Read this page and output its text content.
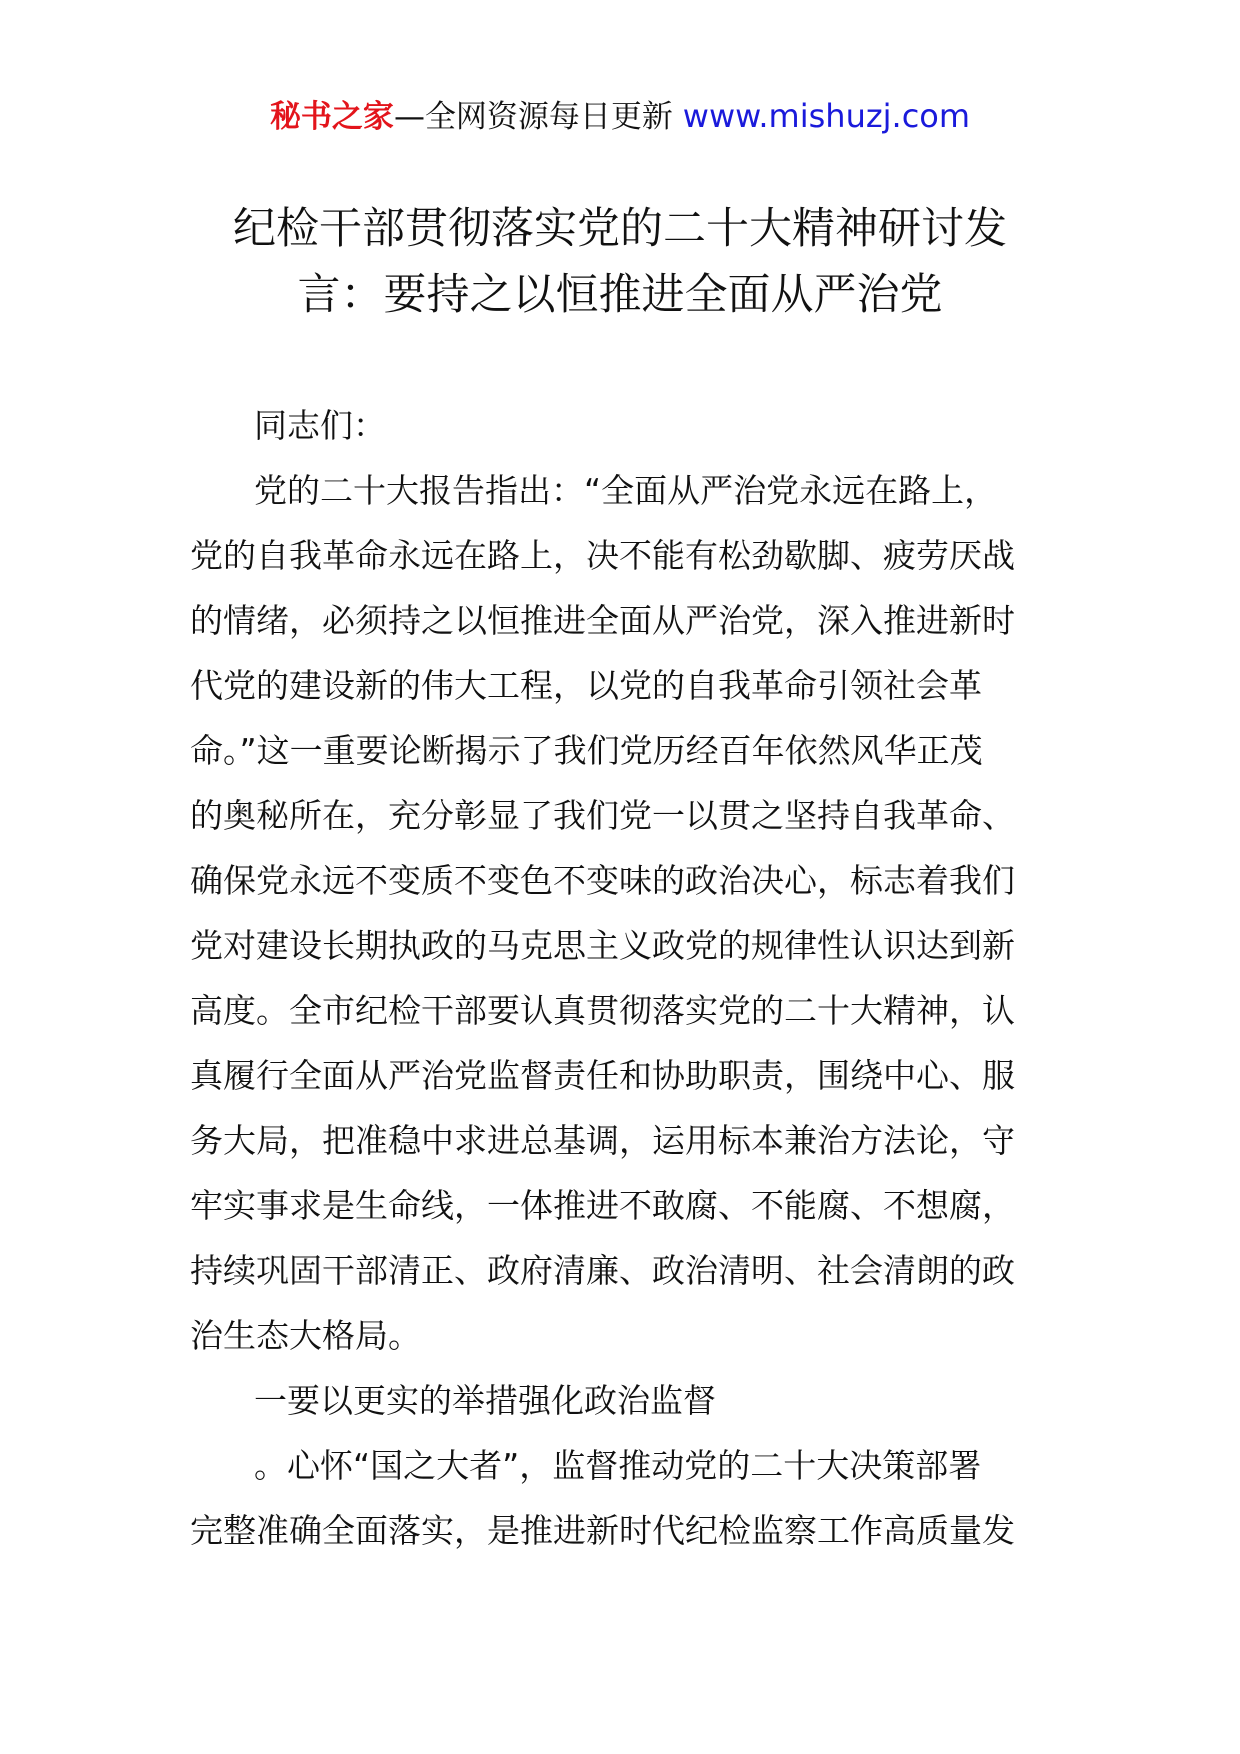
秘书之家—全网资源每日更新 www.mishuzj.com
纪检干部贯彻落实党的二十大精神研讨发
言：要持之以恒推进全面从严治党
同志们：
党的二十大报告指出：“全面从严治党永远在路上，
党的自我革命永远在路上，决不能有松劲歇脚、疲劳厌战
的情绪，必须持之以恒推进全面从严治党，深入推进新时
代党的建设新的伟大工程，以党的自我革命引领社会革
命。”这一重要论断揭示了我们党历经百年依然风华正茂
的奥秘所在，充分彰显了我们党一以贯之坚持自我革命、
确保党永远不变质不变色不变味的政治决心，标志着我们
党对建设长期执政的马克思主义政党的规律性认识达到新
高度。全市纪检干部要认真贯彻落实党的二十大精神，认
真履行全面从严治党监督责任和协助职责，围绕中心、服
务大局，把准稳中求进总基调，运用标本兼治方法论，守
牢实事求是生命线，一体推进不敢腐、不能腐、不想腐，
持续巩固干部清正、政府清廉、政治清明、社会清朗的政
治生态大格局。
一要以更实的举措强化政治监督
。心怀“国之大者”，监督推动党的二十大决策部署
完整准确全面落实，是推进新时代纪检监察工作高质量发
